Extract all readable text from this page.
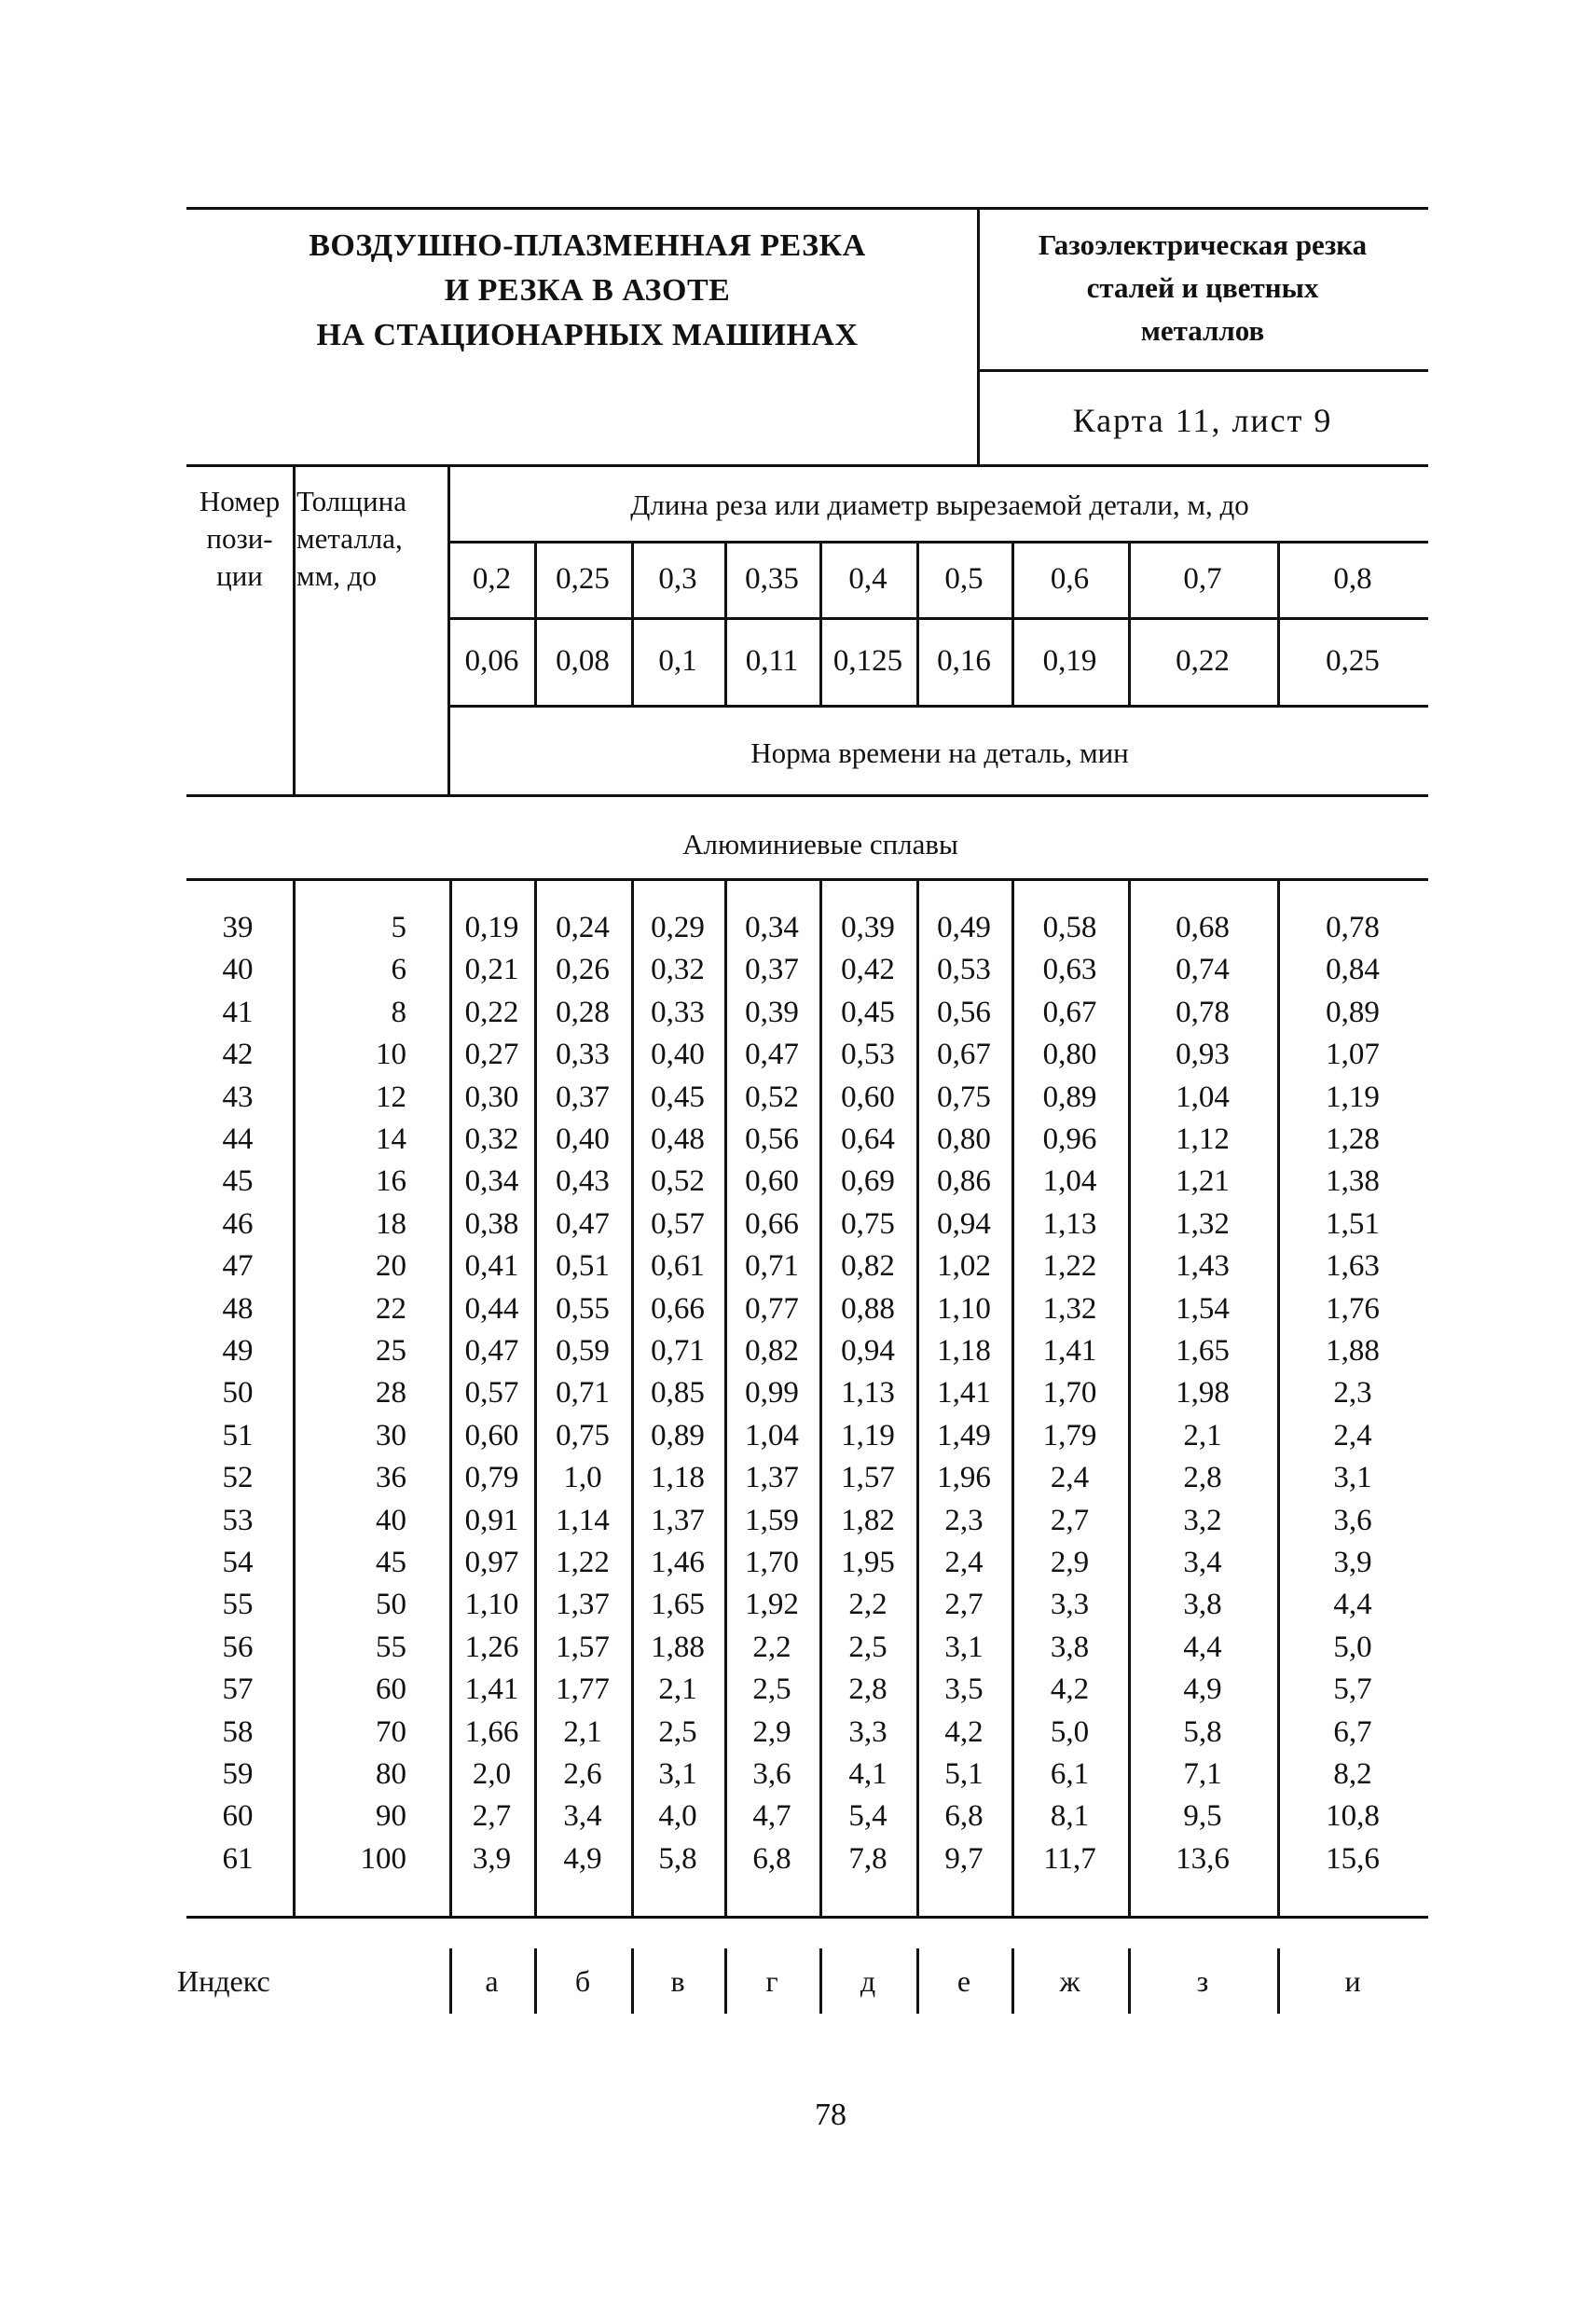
ВОЗДУШНО-ПЛАЗМЕННАЯ РЕЗКА
И РЕЗКА В АЗОТЕ
НА СТАЦИОНАРНЫХ МАШИНАХ
Газоэлектрическая резка
сталей и цветных
металлов
Карта 11, лист 9
Номер
пози-
ции
Толщина
металла,
мм, до
Длина реза или диаметр вырезаемой детали, м, до
0,2	0,25	0,3	0,35	0,4	0,5	0,6	0,7	0,8
0,06	0,08	0,1	0,11	0,125	0,16	0,19	0,22	0,25
Норма времени на деталь, мин
Алюминиевые сплавы
39	5	0,19	0,24	0,29	0,34	0,39	0,49	0,58	0,68	0,78
40	6	0,21	0,26	0,32	0,37	0,42	0,53	0,63	0,74	0,84
41	8	0,22	0,28	0,33	0,39	0,45	0,56	0,67	0,78	0,89
42	10	0,27	0,33	0,40	0,47	0,53	0,67	0,80	0,93	1,07
43	12	0,30	0,37	0,45	0,52	0,60	0,75	0,89	1,04	1,19
44	14	0,32	0,40	0,48	0,56	0,64	0,80	0,96	1,12	1,28
45	16	0,34	0,43	0,52	0,60	0,69	0,86	1,04	1,21	1,38
46	18	0,38	0,47	0,57	0,66	0,75	0,94	1,13	1,32	1,51
47	20	0,41	0,51	0,61	0,71	0,82	1,02	1,22	1,43	1,63
48	22	0,44	0,55	0,66	0,77	0,88	1,10	1,32	1,54	1,76
49	25	0,47	0,59	0,71	0,82	0,94	1,18	1,41	1,65	1,88
50	28	0,57	0,71	0,85	0,99	1,13	1,41	1,70	1,98	2,3
51	30	0,60	0,75	0,89	1,04	1,19	1,49	1,79	2,1	2,4
52	36	0,79	1,0	1,18	1,37	1,57	1,96	2,4	2,8	3,1
53	40	0,91	1,14	1,37	1,59	1,82	2,3	2,7	3,2	3,6
54	45	0,97	1,22	1,46	1,70	1,95	2,4	2,9	3,4	3,9
55	50	1,10	1,37	1,65	1,92	2,2	2,7	3,3	3,8	4,4
56	55	1,26	1,57	1,88	2,2	2,5	3,1	3,8	4,4	5,0
57	60	1,41	1,77	2,1	2,5	2,8	3,5	4,2	4,9	5,7
58	70	1,66	2,1	2,5	2,9	3,3	4,2	5,0	5,8	6,7
59	80	2,0	2,6	3,1	3,6	4,1	5,1	6,1	7,1	8,2
60	90	2,7	3,4	4,0	4,7	5,4	6,8	8,1	9,5	10,8
61	100	3,9	4,9	5,8	6,8	7,8	9,7	11,7	13,6	15,6
Индекс	а	б	в	г	д	е	ж	з	и
78
